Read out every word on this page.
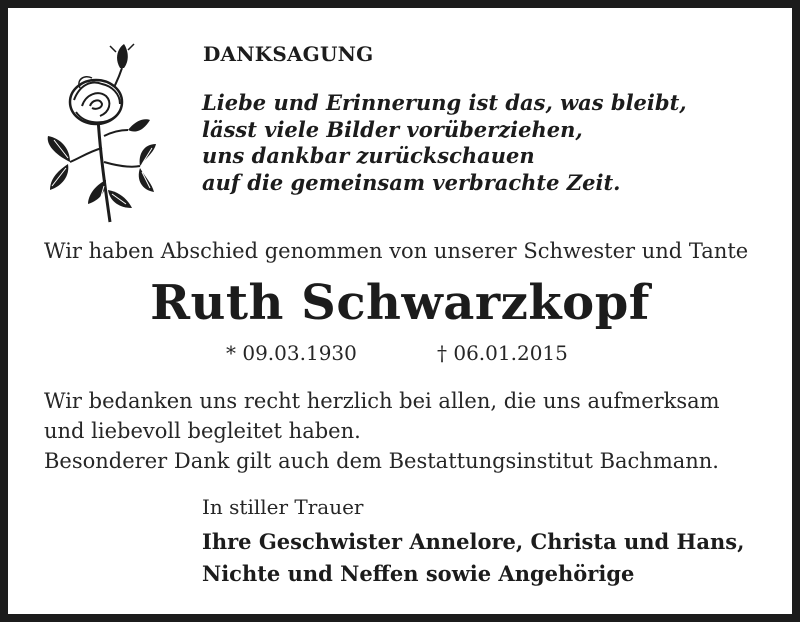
DANKSAGUNG
Liebe und Erinnerung ist das, was bleibt,
lässt viele Bilder vorüberziehen,
uns dankbar zurückschauen
auf die gemeinsam verbrachte Zeit.
Wir haben Abschied genommen von unserer Schwester und Tante
Ruth Schwarzkopf
* 09.03.1930	† 06.01.2015
Wir bedanken uns recht herzlich bei allen, die uns aufmerksam
und liebevoll begleitet haben.
Besonderer Dank gilt auch dem Bestattungsinstitut Bachmann.
In stiller Trauer
Ihre Geschwister Annelore, Christa und Hans,
Nichte und Neffen sowie Angehörige
